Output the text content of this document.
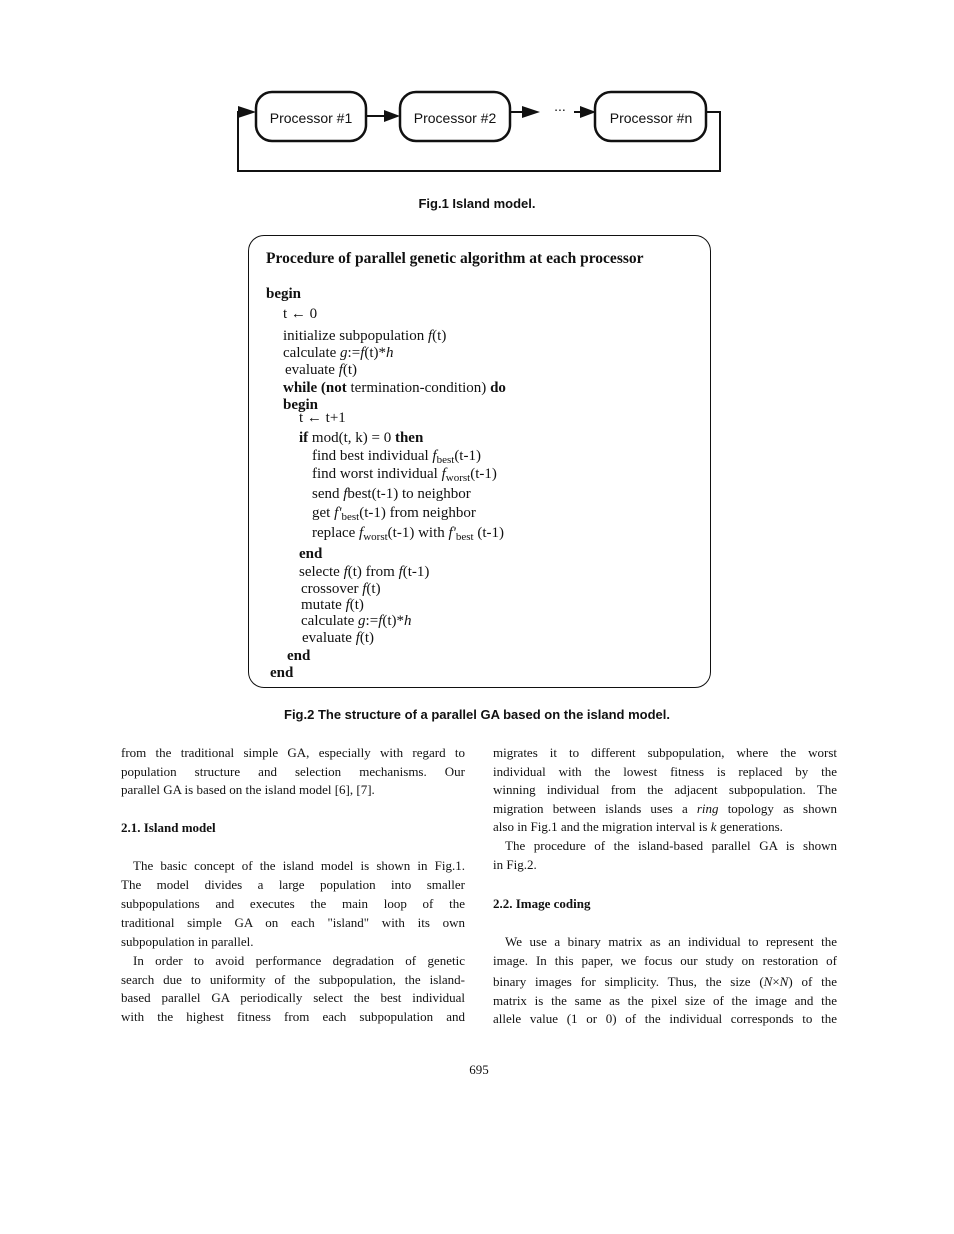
Processor #1	Processor #2	Processor #n
...
Fig.1 Island model.
Procedure of parallel genetic algorithm at each processor
begin
t ← 0
initialize subpopulation f(t)
calculate g:=f(t)*h
evaluate f(t)
while (not termination-condition) do
begin
t ← t+1
if mod(t, k) = 0 then
find best individual $f_{best}(t-1)$
find worst individual $f_{worst}(t-1)$
send fbest(t-1) to neighbor
get $f'_{best}(t-1)$ from neighbor
replace $f_{worst}(t-1)$ with $f'_{best}$ (t-1)
end
selecte f(t) from f(t-1)
crossover f(t)
mutate f(t)
calculate g:=f(t)*h
evaluate f(t)
end
end
Fig.2 The structure of a parallel GA based on the island model.
from the traditional simple GA, especially with regard to
population structure and selection mechanisms. Our
parallel GA is based on the island model [6], [7].
2.1. Island model
The basic concept of the island model is shown in Fig.1.
The model divides a large population into smaller
subpopulations and executes the main loop of the
traditional simple GA on each "island" with its own
subpopulation in parallel.
In order to avoid performance degradation of genetic
search due to uniformity of the subpopulation, the island-
based parallel GA periodically select the best individual
with the highest fitness from each subpopulation and
migrates it to different subpopulation, where the worst
individual with the lowest fitness is replaced by the
winning individual from the adjacent subpopulation. The
migration between islands uses a ring topology as shown
also in Fig.1 and the migration interval is k generations.
The procedure of the island-based parallel GA is shown
in Fig.2.
2.2. Image coding
We use a binary matrix as an individual to represent the
image. In this paper, we focus our study on restoration of
binary images for simplicity. Thus, the size (N×N) of the
matrix is the same as the pixel size of the image and the
allele value (1 or 0) of the individual corresponds to the
695
